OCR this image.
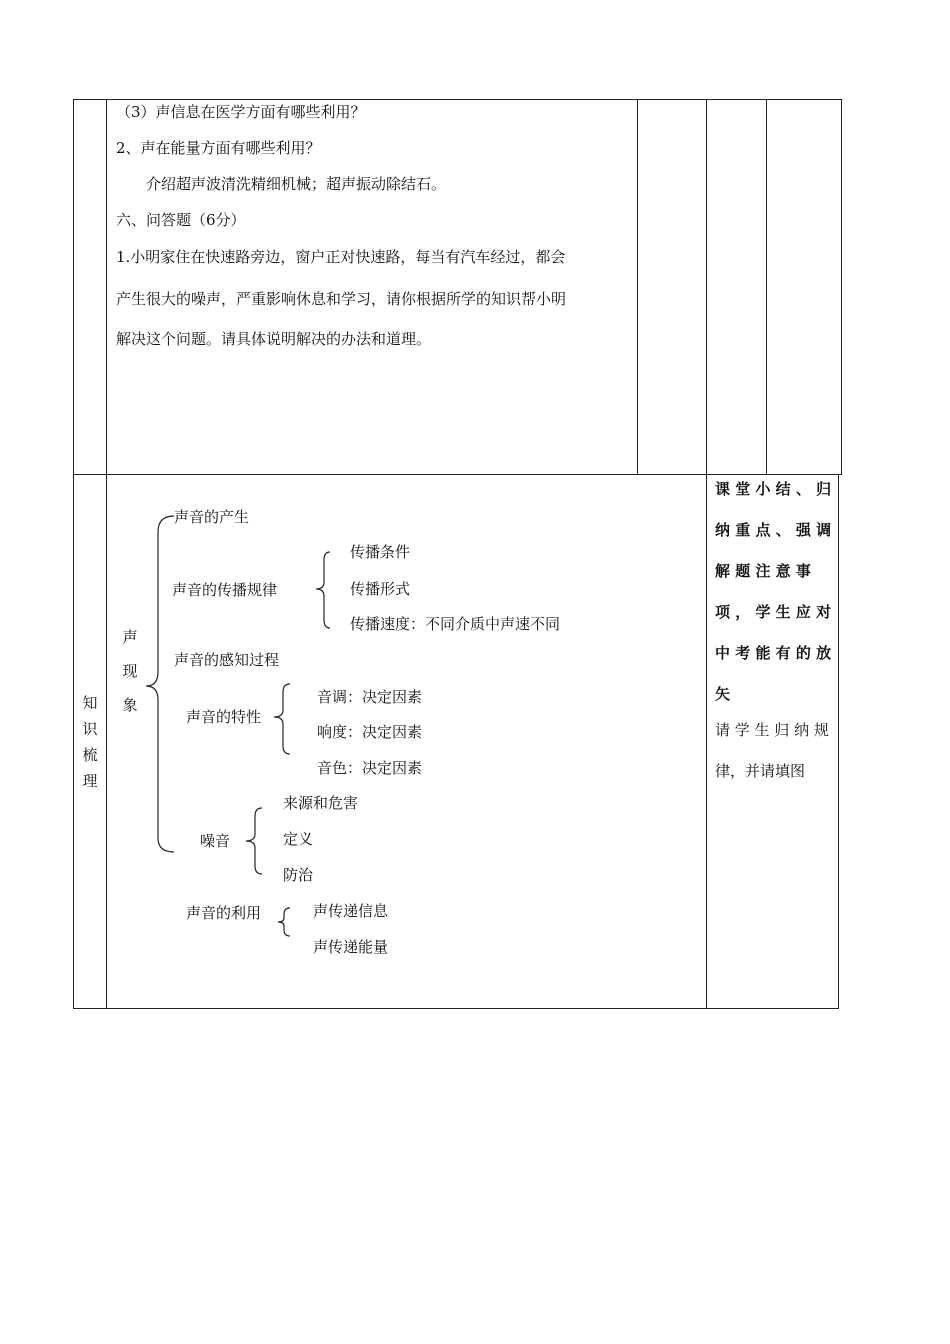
（3）声信息在医学方面有哪些利用？
2、声在能量方面有哪些利用？
介绍超声波清洗精细机械；超声振动除结石。
六、问答题（6分）
1.小明家住在快速路旁边，窗户正对快速路，每当有汽车经过，都会
产生很大的噪声，严重影响休息和学习，请你根据所学的知识帮小明
解决这个问题。请具体说明解决的办法和道理。
知
识
梳
理
声
现
象
声音的产生
声音的传播规律
传播条件
传播形式
传播速度：不同介质中声速不同
声音的感知过程
声音的特性
音调：决定因素
响度：决定因素
音色：决定因素
噪音
来源和危害
定义
防治
声音的利用	声传递信息
声传递能量
课 堂 小 结 、 归
纳 重 点 、 强 调
解 题 注 意 事
项 ， 学 生 应 对
中 考 能 有 的 放
矢
请 学 生 归 纳 规
律，并请填图
